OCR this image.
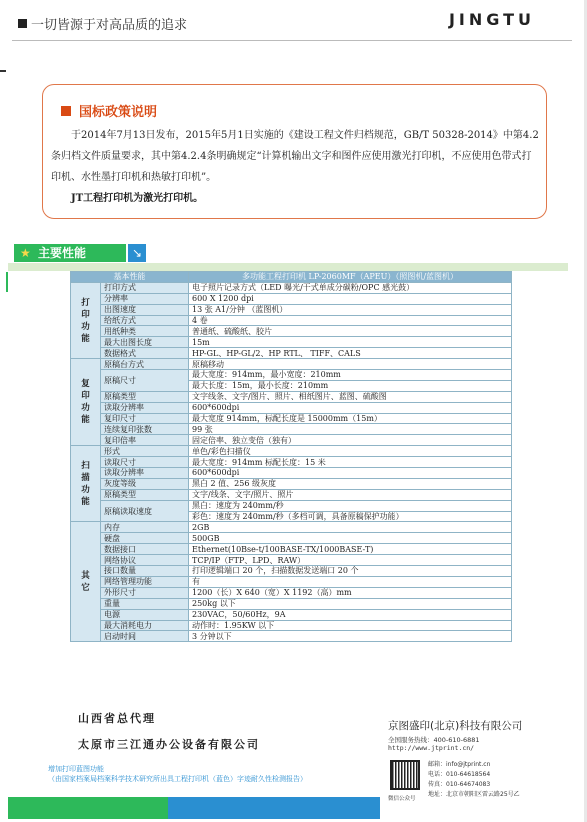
一切皆源于对高品质的追求	JINGTU
国标政策说明

于2014年7月13日发布，2015年5月1日实施的《建设工程文件归档规范，GB/T 50328-2014》中第4.2条归档文件质量要求，其中第4.2.4条明确规定“计算机输出文字和图件应使用激光打印机，不应使用色带式打印机、水性墨打印机和热敏打印机”。

JT工程打印机为激光打印机。

★ 主要性能	↘
基本性能		多功能工程打印机 LP-2060MF（APEU）（照图机/蓝图机）
打印功能	打印方式	电子照片记录方式（LED 曝光/干式单成分碳粉/OPC 感光鼓）
	分辨率	600 X 1200 dpi
	出图速度	13 张 A1/分钟 （蓝图机）
	给纸方式	4 卷
	用纸种类	普通纸、硫酸纸、胶片
	最大出图长度	15m
	数据格式	HP-GL、HP-GL/2、HP RTL、 TIFF、CALS
复印功能	原稿台方式	原稿移动
	原稿尺寸	最大宽度：914mm，最小宽度：210mm
		最大长度：15m，最小长度：210mm
	原稿类型	文字线条、文字/图片、照片、相纸图片、蓝图、硫酸图
	读取分辨率	600*600dpi
	复印尺寸	最大宽度 914mm，标配长度是 15000mm（15m）
	连续复印张数	99 张
	复印倍率	固定倍率、独立变倍（独有）
扫描功能	形式	单色/彩色扫描仪
	读取尺寸	最大宽度：914mm 标配长度：15 米
	读取分辨率	600*600dpi
	灰度等级	黑白 2 值、256 级灰度
	原稿类型	文字/线条、文字/照片、照片
	原稿读取速度	黑白：速度为 240mm/秒
		彩色：速度为 240mm/秒（多档可调，具备原稿保护功能）
其它	内存	2GB
	硬盘	500GB
	数据接口	Ethernet(10Bse-t/100BASE-TX/1000BASE-T)
	网络协议	TCP/IP（FTP、LPD、RAW）
	接口数量	打印逻辑端口 20 个，扫描数据发送端口 20 个
	网络管理功能	有
	外形尺寸	1200（长）X 640（宽）X 1192（高）mm
	重量	250kg 以下
	电源	230VAC，50/60Hz，9A
	最大消耗电力	动作时：1.95KW 以下
	启动时间	3 分钟以下
山西省总代理
太原市三江通办公设备有限公司
增加打印蓝图功能
（由国家档案局档案科学技术研究所出具工程打印机（蓝色）字迹耐久性检测报告）
京图盛印(北京)科技有限公司
全国服务热线：400-610-6881
http://www.jtprint.cn/
微信公众号
邮箱：info@jtprint.cn
电话：010-64618564
传真：010-64674083
地址：北京市朝阳区雷云路25号乙
